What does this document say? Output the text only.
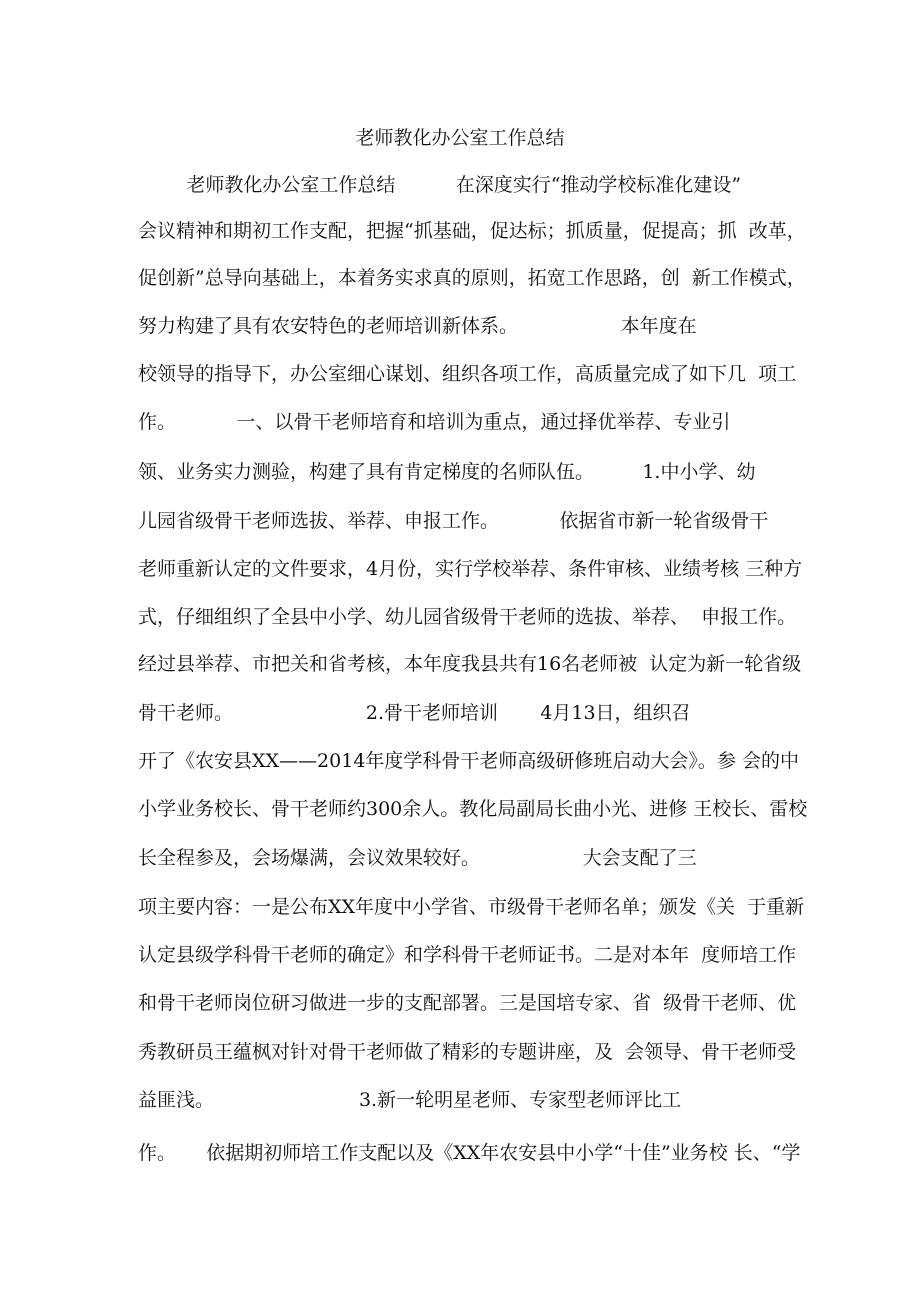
老师教化办公室工作总结
老师教化办公室工作总结          在深度实行“推动学校标准化建设”
会议精神和期初工作支配，把握“抓基础，促达标；抓质量，促提高；抓  改革，
促创新”总导向基础上，本着务实求真的原则，拓宽工作思路，创  新工作模式，
努力构建了具有农安特色的老师培训新体系。                 本年度在
校领导的指导下，办公室细心谋划、组织各项工作，高质量完成了如下几  项工
作。          一、以骨干老师培育和培训为重点，通过择优举荐、专业引
领、业务实力测验，构建了具有肯定梯度的名师队伍。        1.中小学、幼
儿园省级骨干老师选拔、举荐、申报工作。          依据省市新一轮省级骨干
老师重新认定的文件要求，4月份，实行学校举荐、条件审核、业绩考核 三种方
式，仔细组织了全县中小学、幼儿园省级骨干老师的选拔、举荐、  申报工作。
经过县举荐、市把关和省考核，本年度我县共有16名老师被  认定为新一轮省级
骨干老师。                      2.骨干老师培训       4月13日，组织召
开了《农安县XX——2014年度学科骨干老师高级研修班启动大会》。参 会的中
小学业务校长、骨干老师约300余人。教化局副局长曲小光、进修 王校长、雷校
长全程参及，会场爆满，会议效果较好。                 大会支配了三
项主要内容：一是公布XX年度中小学省、市级骨干老师名单；颁发《关  于重新
认定县级学科骨干老师的确定》和学科骨干老师证书。二是对本年  度师培工作
和骨干老师岗位研习做进一步的支配部署。三是国培专家、省  级骨干老师、优
秀教研员王蕴枫对针对骨干老师做了精彩的专题讲座，及  会领导、骨干老师受
益匪浅。                        3.新一轮明星老师、专家型老师评比工
作。     依据期初师培工作支配以及《XX年农安县中小学“十佳”业务校 长、“学
